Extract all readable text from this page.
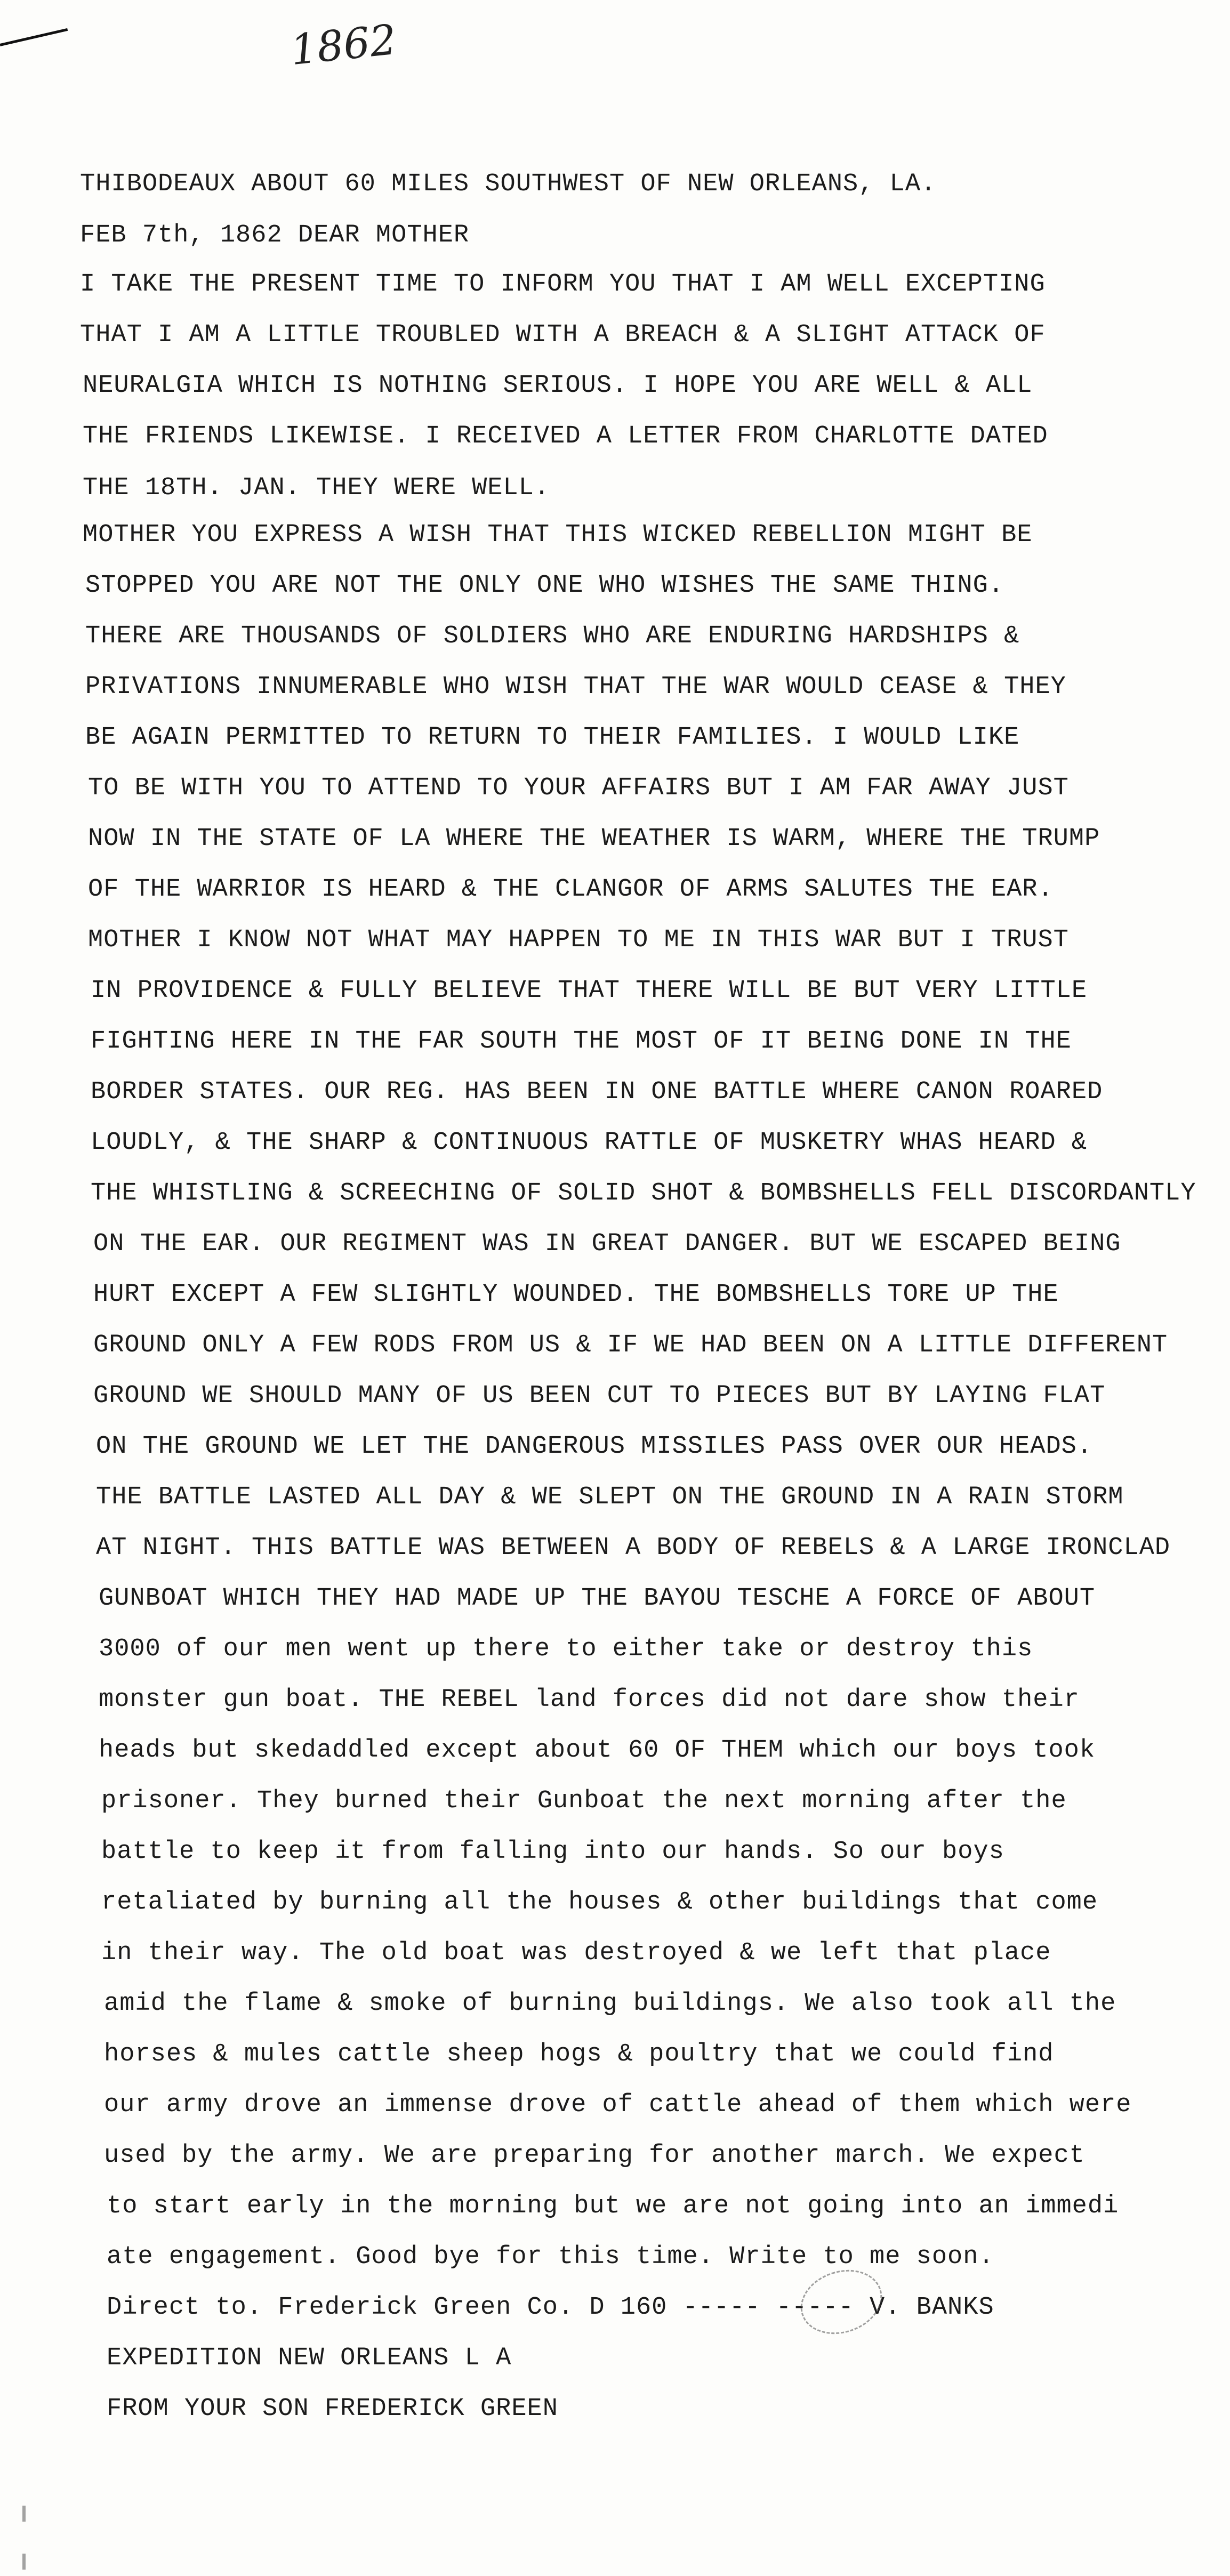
1862
THIBODEAUX ABOUT 60 MILES SOUTHWEST OF NEW ORLEANS, LA.
FEB 7th, 1862 DEAR MOTHER
I TAKE THE PRESENT TIME TO INFORM YOU THAT I AM WELL EXCEPTING
THAT I AM A LITTLE TROUBLED WITH A BREACH & A SLIGHT ATTACK OF
NEURALGIA WHICH IS NOTHING SERIOUS. I HOPE YOU ARE WELL & ALL
THE FRIENDS LIKEWISE. I RECEIVED A LETTER FROM CHARLOTTE DATED
THE 18TH. JAN. THEY WERE WELL.
MOTHER YOU EXPRESS A WISH THAT THIS WICKED REBELLION MIGHT BE
STOPPED YOU ARE NOT THE ONLY ONE WHO WISHES THE SAME THING.
THERE ARE THOUSANDS OF SOLDIERS WHO ARE ENDURING HARDSHIPS &
PRIVATIONS INNUMERABLE WHO WISH THAT THE WAR WOULD CEASE & THEY
BE AGAIN PERMITTED TO RETURN TO THEIR FAMILIES. I WOULD LIKE
TO BE WITH YOU TO ATTEND TO YOUR AFFAIRS BUT I AM FAR AWAY JUST
NOW IN THE STATE OF LA WHERE THE WEATHER IS WARM, WHERE THE TRUMP
OF THE WARRIOR IS HEARD & THE CLANGOR OF ARMS SALUTES THE EAR.
MOTHER I KNOW NOT WHAT MAY HAPPEN TO ME IN THIS WAR BUT I TRUST
IN PROVIDENCE & FULLY BELIEVE THAT THERE WILL BE BUT VERY LITTLE
FIGHTING HERE IN THE FAR SOUTH THE MOST OF IT BEING DONE IN THE
BORDER STATES. OUR REG. HAS BEEN IN ONE BATTLE WHERE CANON ROARED
LOUDLY, & THE SHARP & CONTINUOUS RATTLE OF MUSKETRY WHAS HEARD &
THE WHISTLING & SCREECHING OF SOLID SHOT & BOMBSHELLS FELL DISCORDANTLY
ON THE EAR. OUR REGIMENT WAS IN GREAT DANGER. BUT WE ESCAPED BEING
HURT EXCEPT A FEW SLIGHTLY WOUNDED. THE BOMBSHELLS TORE UP THE
GROUND ONLY A FEW RODS FROM US & IF WE HAD BEEN ON A LITTLE DIFFERENT
GROUND WE SHOULD MANY OF US BEEN CUT TO PIECES BUT BY LAYING FLAT
ON THE GROUND WE LET THE DANGEROUS MISSILES PASS OVER OUR HEADS.
THE BATTLE LASTED ALL DAY & WE SLEPT ON THE GROUND IN A RAIN STORM
AT NIGHT. THIS BATTLE WAS BETWEEN A BODY OF REBELS & A LARGE IRONCLAD
GUNBOAT WHICH THEY HAD MADE UP THE BAYOU TESCHE A FORCE OF ABOUT
3000 of our men went up there to either take or destroy this
monster gun boat. THE REBEL land forces did not dare show their
heads but skedaddled except about 60 OF THEM which our boys took
prisoner. They burned their Gunboat the next morning after the
battle to keep it from falling into our hands. So our boys
retaliated by burning all the houses & other buildings that come
in their way. The old boat was destroyed & we left that place
amid the flame & smoke of burning buildings. We also took all the
horses & mules cattle sheep hogs & poultry that we could find
our army drove an immense drove of cattle ahead of them which were
used by the army. We are preparing for another march. We expect
to start early in the morning but we are not going into an immedi
ate engagement. Good bye for this time. Write to me soon.
Direct to. Frederick Green Co. D 160 ----- ----- V. BANKS
EXPEDITION NEW ORLEANS L A
FROM YOUR SON FREDERICK GREEN
